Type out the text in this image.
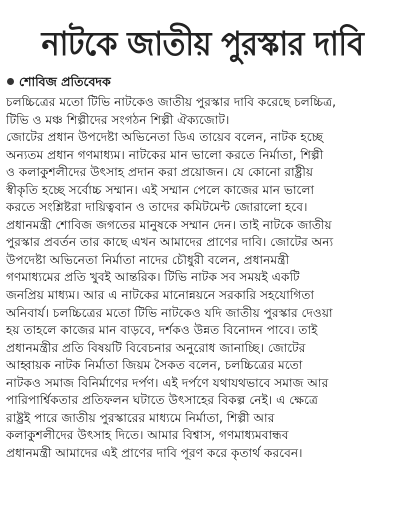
নাটকে জাতীয় পুরস্কার দাবি
শোবিজ প্রতিবেদক
চলচ্চিত্রের মতো টিভি নাটকেও জাতীয় পুরস্কার দাবি করেছে চলচ্চিত্র,
টিভি ও মঞ্চ শিল্পীদের সংগঠন শিল্পী ঐক্যজোট।
জোটের প্রধান উপদেষ্টা অভিনেতা ডিএ তায়েব বলেন, নাটক হচ্ছে
অন্যতম প্রধান গণমাধ্যম। নাটকের মান ভালো করতে নির্মাতা, শিল্পী
ও কলাকুশলীদের উৎসাহ প্রদান করা প্রয়োজন। যে কোনো রাষ্ট্রীয়
স্বীকৃতি হচ্ছে সর্বোচ্চ সম্মান। এই সম্মান পেলে কাজের মান ভালো
করতে সংশ্লিষ্টরা দায়িত্ববান ও তাদের কমিটমেন্ট জোরালো হবে।
প্রধানমন্ত্রী শোবিজ জগতের মানুষকে সম্মান দেন। তাই নাটকে জাতীয়
পুরস্কার প্রবর্তন তার কাছে এখন আমাদের প্রাণের দাবি। জোটের অন্য
উপদেষ্টা অভিনেতা নির্মাতা নাদের চৌধুরী বলেন, প্রধানমন্ত্রী
গণমাধ্যমের প্রতি খুবই আন্তরিক। টিভি নাটক সব সময়ই একটি
জনপ্রিয় মাধ্যম। আর এ নাটকের মানোন্নয়নে সরকারি সহযোগিতা
অনিবার্য। চলচ্চিত্রের মতো টিভি নাটকেও যদি জাতীয় পুরস্কার দেওয়া
হয় তাহলে কাজের মান বাড়বে, দর্শকও উন্নত বিনোদন পাবে। তাই
প্রধানমন্ত্রীর প্রতি বিষয়টি বিবেচনার অনুরোধ জানাচ্ছি। জোটের
আহ্বায়ক নাটক নির্মাতা জিয়ম সৈকত বলেন, চলচ্চিত্রের মতো
নাটকও সমাজ বিনির্মাণের দর্পণ। এই দর্পণে যথাযথভাবে সমাজ আর
পারিপার্শ্বিকতার প্রতিফলন ঘটাতে উৎসাহের বিকল্প নেই। এ ক্ষেত্রে
রাষ্ট্রই পারে জাতীয় পুরস্কারের মাধ্যমে নির্মাতা, শিল্পী আর
কলাকুশলীদের উৎসাহ দিতে। আমার বিশ্বাস, গণমাধ্যমবান্ধব
প্রধানমন্ত্রী আমাদের এই প্রাণের দাবি পূরণ করে কৃতার্থ করবেন।
